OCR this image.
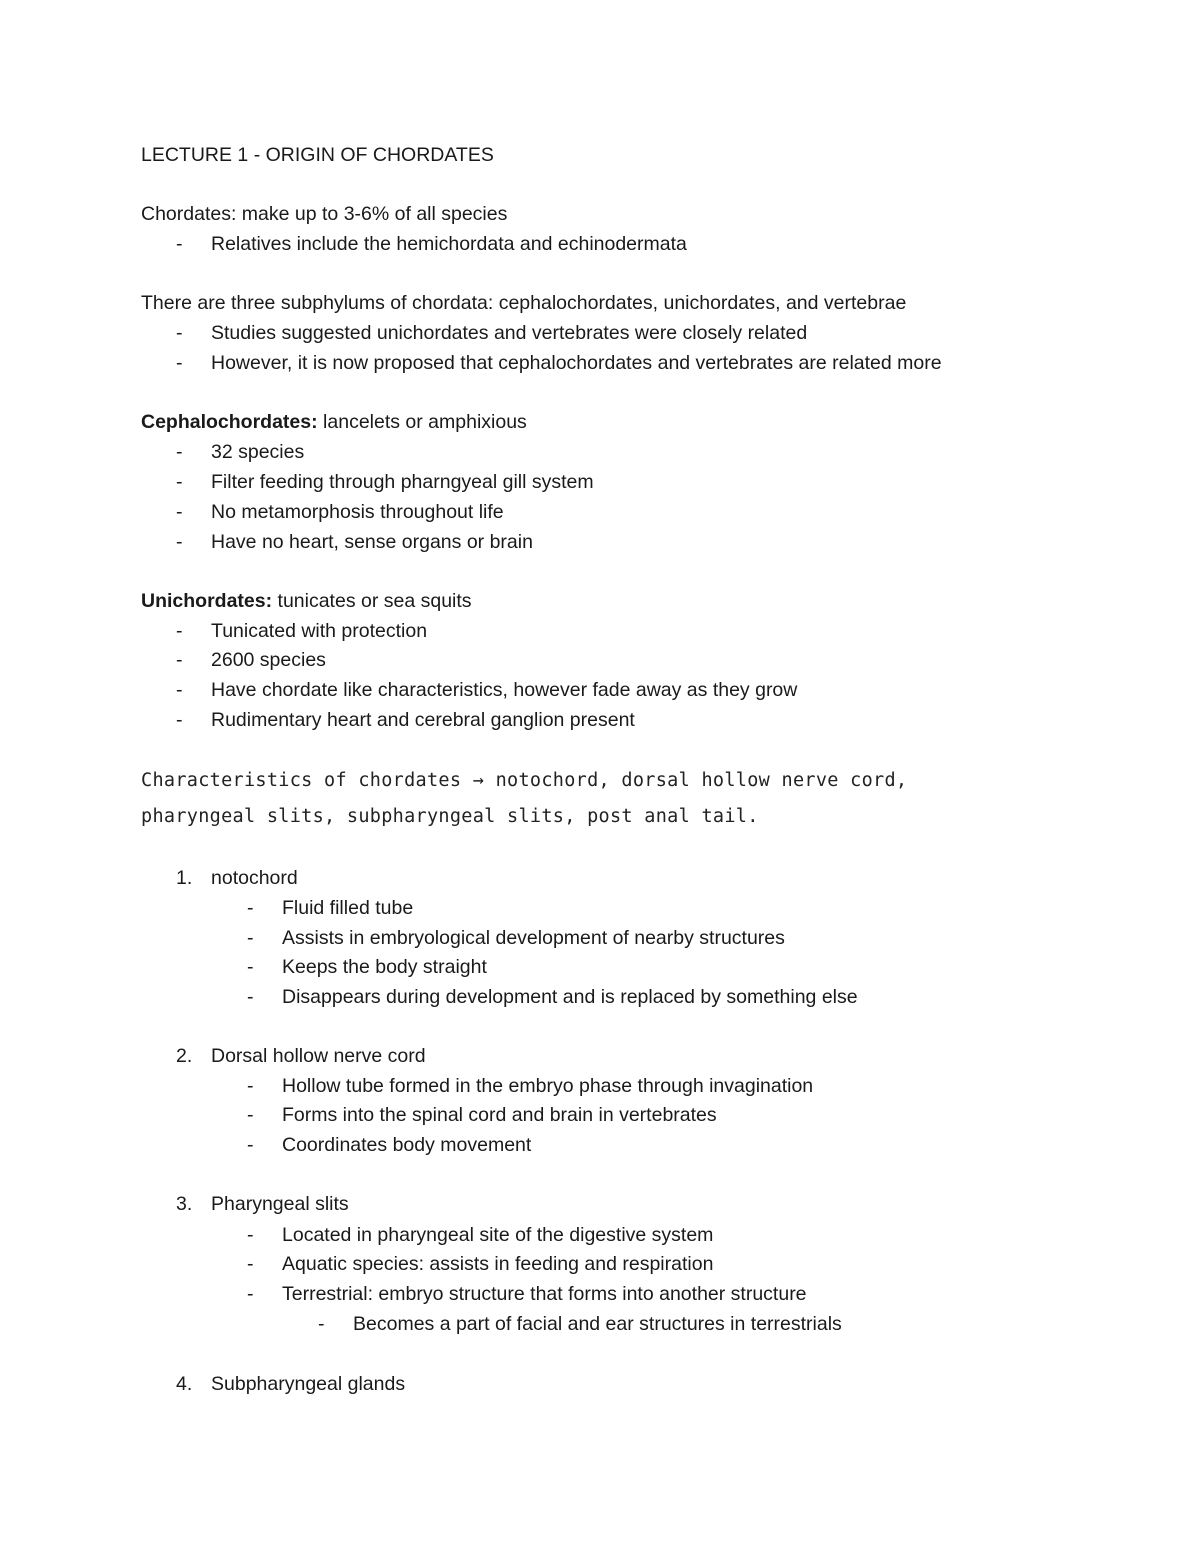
LECTURE 1 - ORIGIN OF CHORDATES
Chordates: make up to 3-6% of all species
- Relatives include the hemichordata and echinodermata
There are three subphylums of chordata: cephalochordates, unichordates, and vertebrae
- Studies suggested unichordates and vertebrates were closely related
- However, it is now proposed that cephalochordates and vertebrates are related more
Cephalochordates: lancelets or amphixious
- 32 species
- Filter feeding through pharngyeal gill system
- No metamorphosis throughout life
- Have no heart, sense organs or brain
Unichordates: tunicates or sea squits
- Tunicated with protection
- 2600 species
- Have chordate like characteristics, however fade away as they grow
- Rudimentary heart and cerebral ganglion present
Characteristics of chordates → notochord, dorsal hollow nerve cord,
pharyngeal slits, subpharyngeal slits, post anal tail.
1. notochord
- Fluid filled tube
- Assists in embryological development of nearby structures
- Keeps the body straight
- Disappears during development and is replaced by something else
2. Dorsal hollow nerve cord
- Hollow tube formed in the embryo phase through invagination
- Forms into the spinal cord and brain in vertebrates
- Coordinates body movement
3. Pharyngeal slits
- Located in pharyngeal site of the digestive system
- Aquatic species: assists in feeding and respiration
- Terrestrial: embryo structure that forms into another structure
- Becomes a part of facial and ear structures in terrestrials
4. Subpharyngeal glands
